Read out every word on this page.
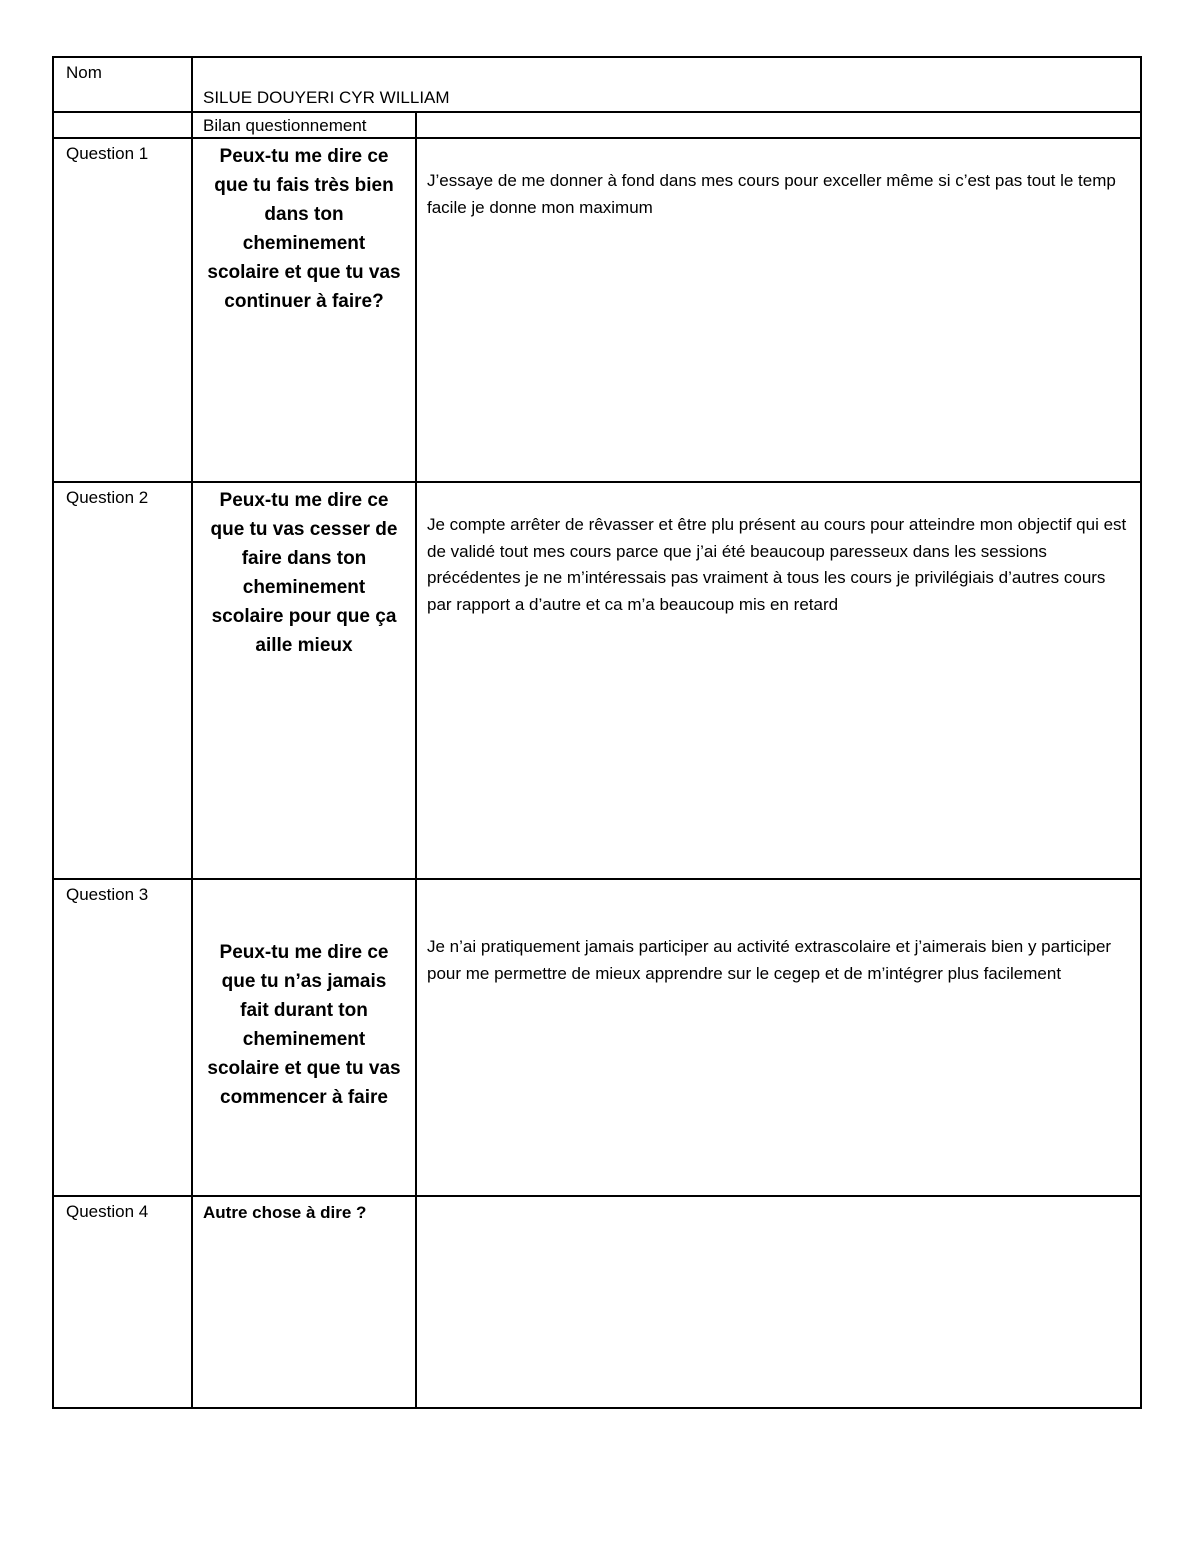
Nom	SILUE DOUYERI CYR WILLIAM	

	Bilan questionnement	

Question 1	Peux-tu me dire ce que tu fais très bien dans ton cheminement scolaire et que tu vas continuer à faire?	J’essaye de me donner à fond dans mes cours pour exceller même si c’est pas tout le temp facile je donne mon maximum

Question 2	Peux-tu me dire ce que tu vas cesser de faire dans ton cheminement scolaire pour que ça aille mieux	Je compte arrêter de rêvasser et être plu présent au cours pour atteindre mon objectif qui est de validé tout mes cours parce que j’ai été beaucoup paresseux dans les sessions précédentes je ne m’intéressais pas vraiment à tous les cours je privilégiais d’autres cours par rapport a d’autre et ca m’a beaucoup mis en retard

Question 3	Peux-tu me dire ce que tu n’as jamais fait durant ton cheminement scolaire et que tu vas commencer à faire	Je n’ai pratiquement jamais participer au activité extrascolaire et j’aimerais bien y participer pour me permettre de mieux apprendre sur le cegep et de m’intégrer plus facilement

Question 4	Autre chose à dire ?	
